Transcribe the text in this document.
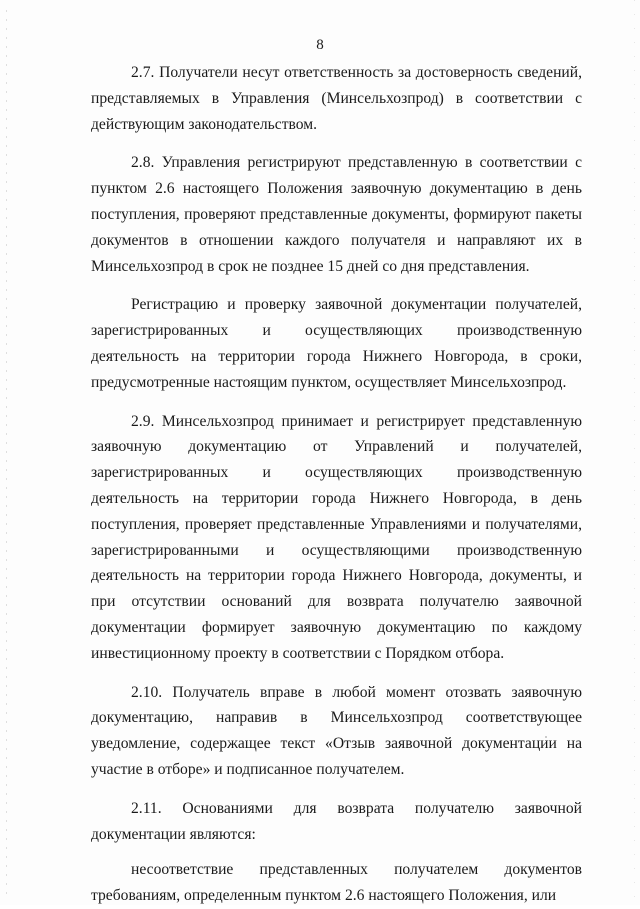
8

2.7. Получатели несут ответственность за достоверность сведений, представляемых в Управления (Минсельхозпрод) в соответствии с действующим законодательством.

2.8. Управления регистрируют представленную в соответствии с пунктом 2.6 настоящего Положения заявочную документацию в день поступления, проверяют представленные документы, формируют пакеты документов в отношении каждого получателя и направляют их в Минсельхозпрод в срок не позднее 15 дней со дня представления.

Регистрацию и проверку заявочной документации получателей, зарегистрированных и осуществляющих производственную деятельность на территории города Нижнего Новгорода, в сроки, предусмотренные настоящим пунктом, осуществляет Минсельхозпрод.

2.9. Минсельхозпрод принимает и регистрирует представленную заявочную документацию от Управлений и получателей, зарегистрированных и осуществляющих производственную деятельность на территории города Нижнего Новгорода, в день поступления, проверяет представленные Управлениями и получателями, зарегистрированными и осуществляющими производственную деятельность на территории города Нижнего Новгорода, документы, и при отсутствии оснований для возврата получателю заявочной документации формирует заявочную документацию по каждому инвестиционному проекту в соответствии с Порядком отбора.

2.10. Получатель вправе в любой момент отозвать заявочную документацию, направив в Минсельхозпрод соответствующее уведомление, содержащее текст «Отзыв заявочной документации на участие в отборе» и подписанное получателем.

2.11. Основаниями для возврата получателю заявочной документации являются:

несоответствие представленных получателем документов требованиям, определенным пунктом 2.6 настоящего Положения, или
